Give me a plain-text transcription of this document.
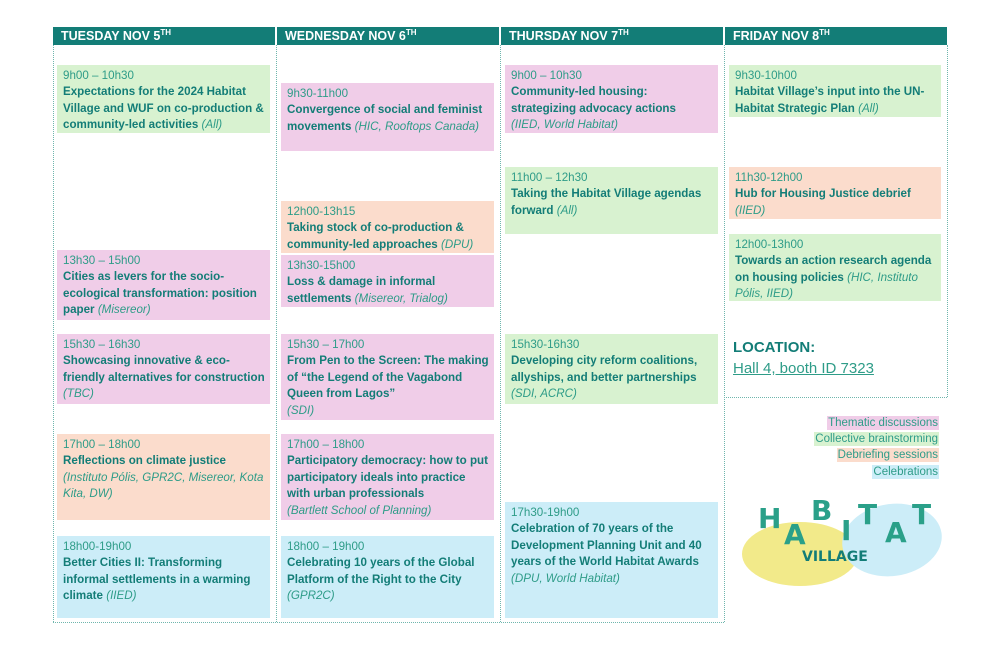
TUESDAY NOV 5TH	WEDNESDAY NOV 6TH	THURSDAY NOV 7TH	FRIDAY NOV 8TH
9h00 – 10h30
Expectations for the 2024 Habitat Village and WUF on co-production & community-led activities (All)
13h30 – 15h00
Cities as levers for the socio-ecological transformation: position paper (Misereor)
15h30 – 16h30
Showcasing innovative & eco-friendly alternatives for construction (TBC)
17h00 – 18h00
Reflections on climate justice
(Instituto Pólis, GPR2C, Misereor, Kota Kita, DW)
18h00-19h00
Better Cities II: Transforming informal settlements in a warming climate (IIED)
9h30-11h00
Convergence of social and feminist movements (HIC, Rooftops Canada)
12h00-13h15
Taking stock of co-production & community-led approaches (DPU)
13h30-15h00
Loss & damage in informal settlements (Misereor, Trialog)
15h30 – 17h00
From Pen to the Screen: The making of “the Legend of the Vagabond Queen from Lagos”
(SDI)
17h00 – 18h00
Participatory democracy: how to put participatory ideals into practice with urban professionals
(Bartlett School of Planning)
18h00 – 19h00
Celebrating 10 years of the Global Platform of the Right to the City
(GPR2C)
9h00 – 10h30
Community-led housing: strategizing advocacy actions
(IIED, World Habitat)
11h00 – 12h30
Taking the Habitat Village agendas forward (All)
15h30-16h30
Developing city reform coalitions, allyships, and better partnerships
(SDI, ACRC)
17h30-19h00
Celebration of 70 years of the Development Planning Unit and 40 years of the World Habitat Awards
(DPU, World Habitat)
9h30-10h00
Habitat Village’s input into the UN-Habitat Strategic Plan (All)
11h30-12h00
Hub for Housing Justice debrief
(IIED)
12h00-13h00
Towards an action research agenda on housing policies (HIC, Instituto Pólis, IIED)
LOCATION:
Hall 4, booth ID 7323
Thematic discussions
Collective brainstorming
Debriefing sessions
Celebrations
H A
B
I T
A
T
VILLAGE
